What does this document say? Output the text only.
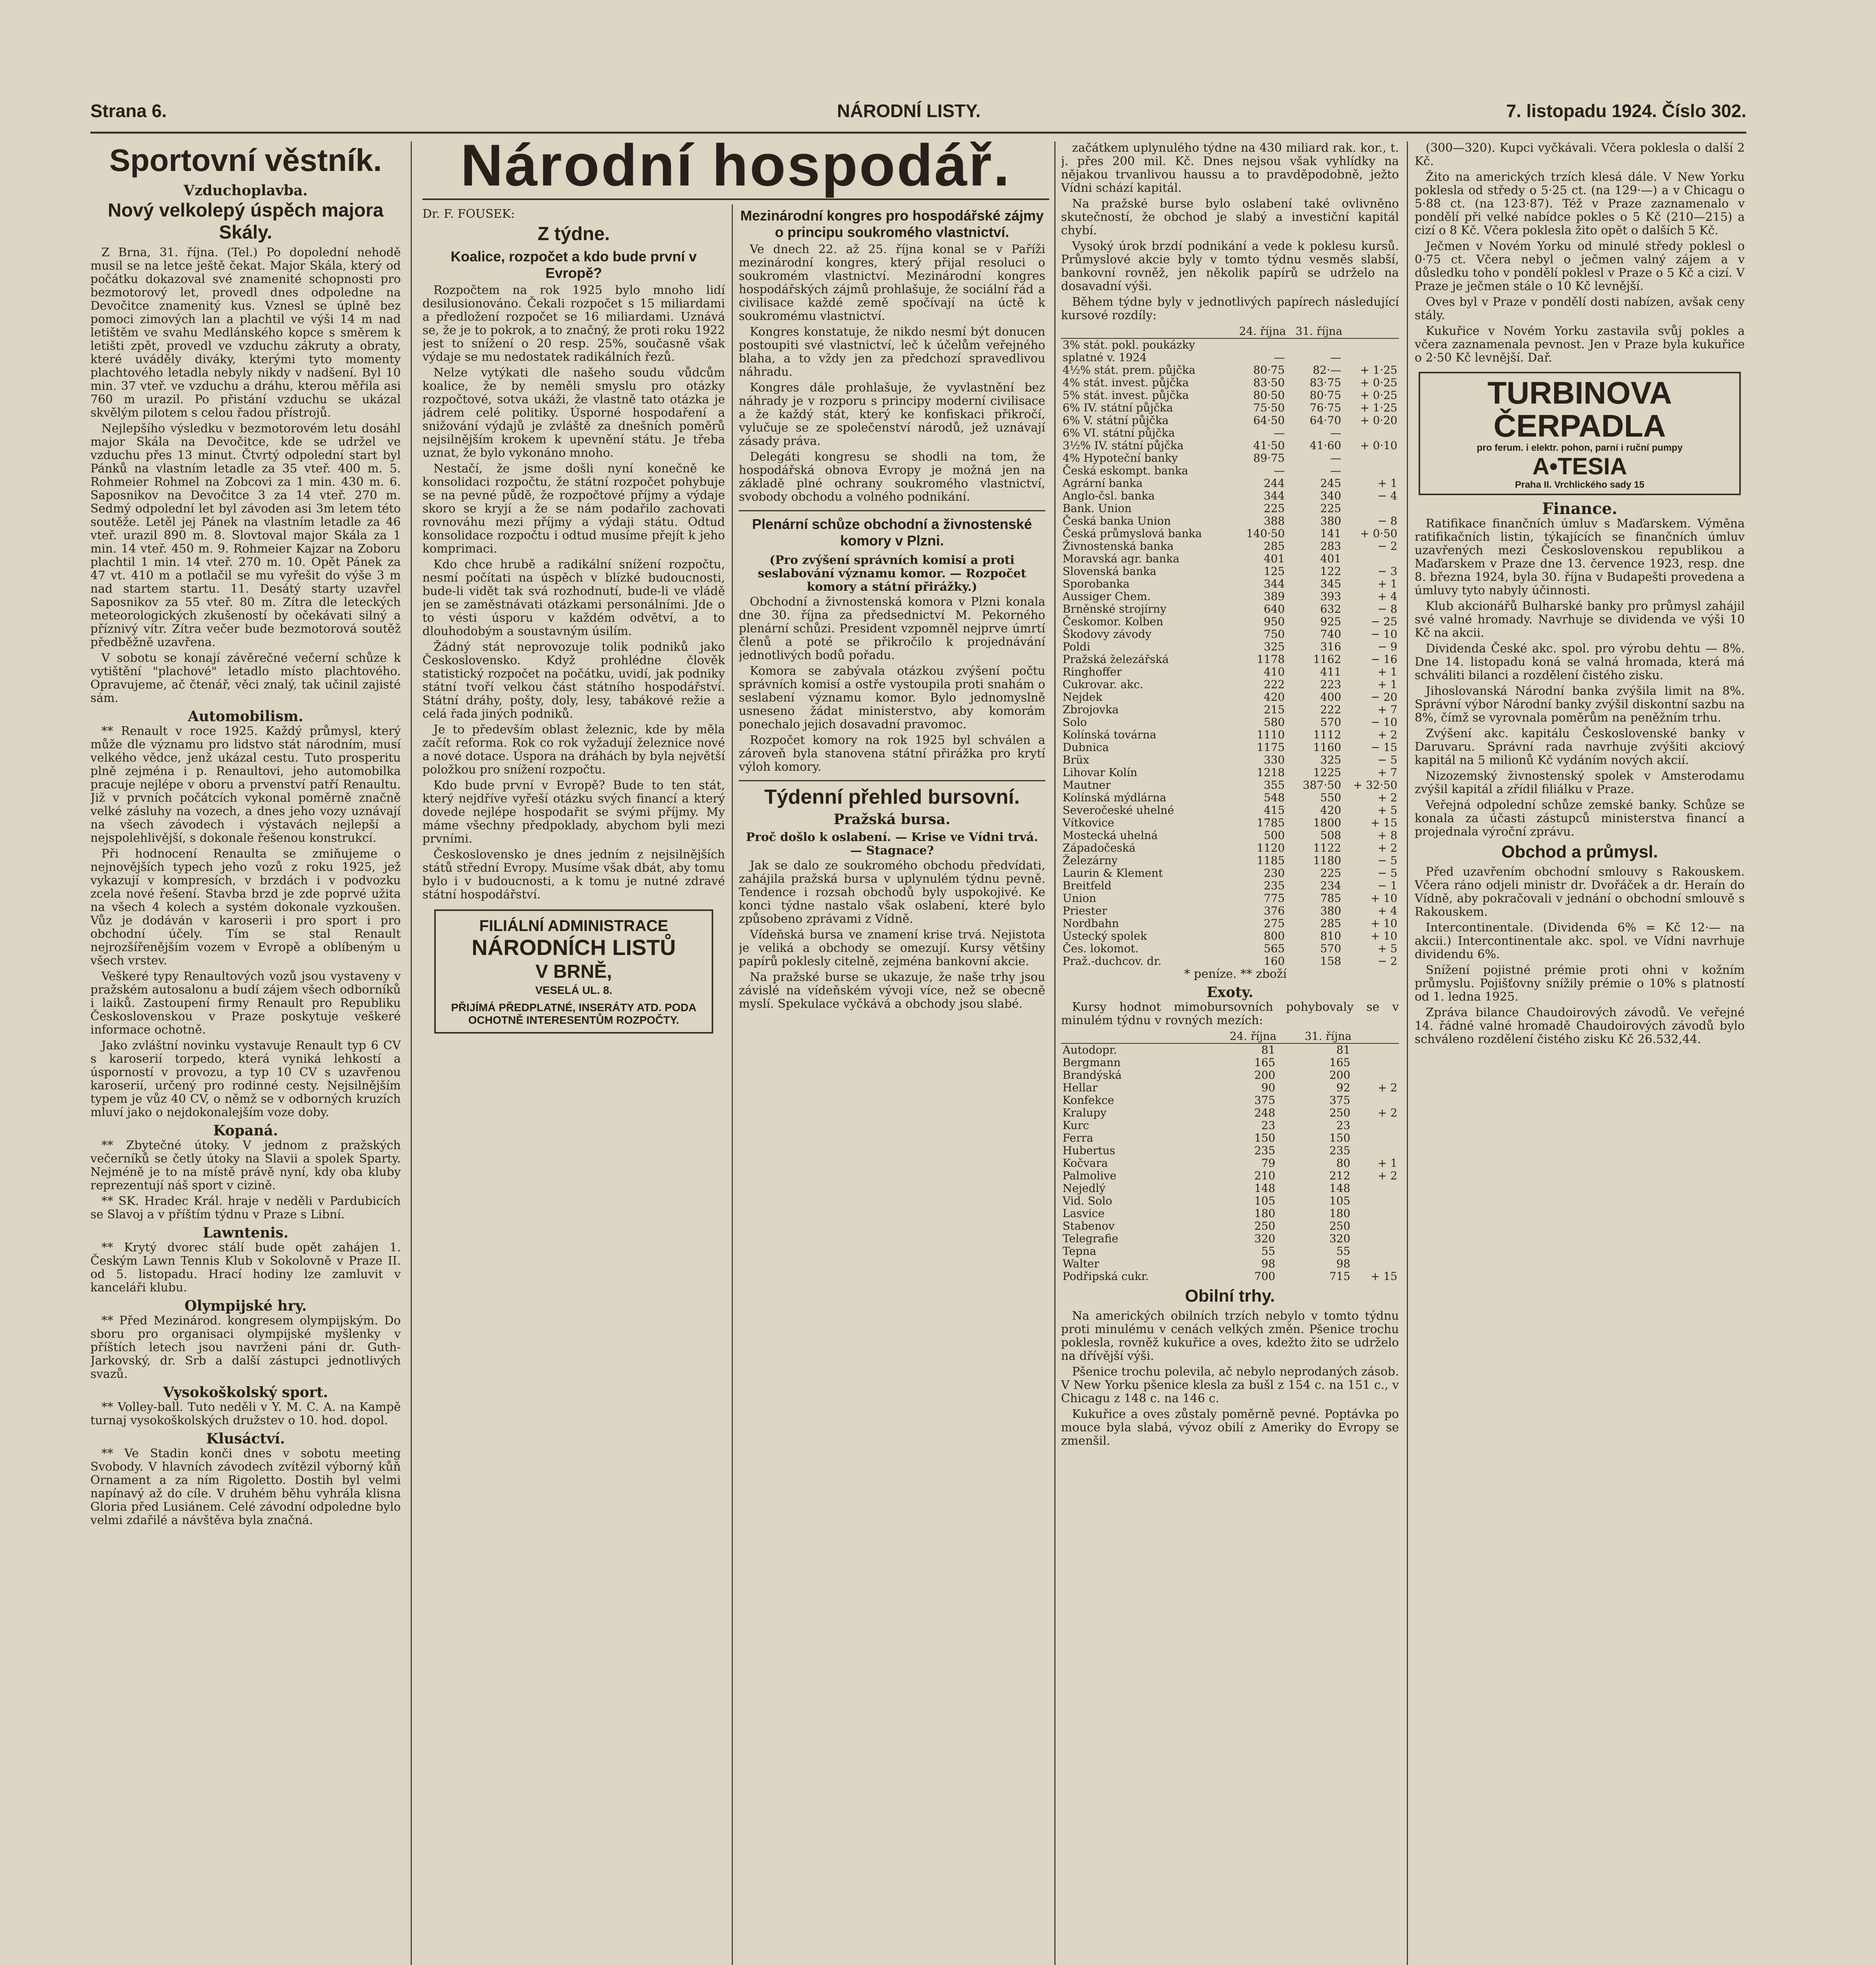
Strana 6.	NÁRODNÍ LISTY.	7. listopadu 1924. Číslo 302.
Sportovní věstník.
Vzduchoplavba.
Nový velkolepý úspěch majora Skály.

Z Brna, 31. října. (Tel.) Po dopolední nehodě musil se na letce ještě čekat. Major Skála, který od počátku dokazoval své znamenité schopnosti pro bezmotorový let, provedl dnes odpoledne na Devočitce znamenitý kus. Vznesl se úplně bez pomoci zimových lan a plachtil ve výši 14 m nad letištěm ve svahu Medlánského kopce s směrem k letišti zpět, provedl ve vzduchu zákruty a obraty, které uváděly diváky, kterými tyto momenty plachtového letadla nebyly nikdy v nadšení. Byl 10 min. 37 vteř. ve vzduchu a dráhu, kterou měřila asi 760 m urazil. Po přistání vzduchu se ukázal skvělým pilotem s celou řadou přístrojů.

Nejlepšího výsledku v bezmotorovém letu dosáhl major Skála na Devočitce, kde se udržel ve vzduchu přes 13 minut. Čtvrtý odpolední start byl Pánků na vlastním letadle za 35 vteř. 400 m. 5. Rohmeier Rohmel na Zobcovi za 1 min. 430 m. 6. Saposnikov na Devočitce 3 za 14 vteř. 270 m. Sedmý odpolední let byl závoden asi 3m letem této soutěže. Letěl jej Pánek na vlastním letadle za 46 vteř. urazil 890 m. 8. Slovtoval major Skála za 1 min. 14 vteř. 450 m. 9. Rohmeier Kajzar na Zoboru plachtil 1 min. 14 vteř. 270 m. 10. Opět Pánek za 47 vt. 410 m a potlačil se mu vyřešit do výše 3 m nad startem startu. 11. Desátý starty uzavřel Saposnikov za 55 vteř. 80 m. Zítra dle leteckých meteorologických zkušeností by očekávati silný a příznivý vítr. Zítra večer bude bezmotorová soutěž předběžně uzavřena.

V sobotu se konají závěrečné večerní schůze k vytištění "plachové" letadlo místo plachtového. Opravujeme, ač čtenář, věci znalý, tak učinil zajisté sám.

Automobilism.

** Renault v roce 1925. Každý průmysl, který může dle významu pro lidstvo stát národním, musí velkého vědce, jenž ukázal cestu. Tuto prosperitu plně zejména i p. Renaultovi, jeho automobilka pracuje nejlépe v oboru a prvenství patří Renaultu. Již v prvních počátcích vykonal poměrně značně velké zásluhy na vozech, a dnes jeho vozy uznávají na všech závodech i výstavách nejlepší a nejspolehlivější, s dokonale řešenou konstrukcí.

Při hodnocení Renaulta se zmiňujeme o nejnovějších typech jeho vozů z roku 1925, jež vykazují v kompresích, v brzdách i v podvozku zcela nové řešení. Stavba brzd je zde poprvé užita na všech 4 kolech a systém dokonale vyzkoušen. Vůz je dodáván v karoserii i pro sport i pro obchodní účely. Tím se stal Renault nejrozšířenějším vozem v Evropě a oblíbeným u všech vrstev.

Veškeré typy Renaultových vozů jsou vystaveny v pražském autosalonu a budí zájem všech odborníků i laiků. Zastoupení firmy Renault pro Republiku Československou v Praze poskytuje veškeré informace ochotně.

Jako zvláštní novinku vystavuje Renault typ 6 CV s karoserií torpedo, která vyniká lehkostí a úsporností v provozu, a typ 10 CV s uzavřenou karoserií, určený pro rodinné cesty. Nejsilnějším typem je vůz 40 CV, o němž se v odborných kruzích mluví jako o nejdokonalejším voze doby.

Kopaná.

** Zbytečné útoky. V jednom z pražských večerníků se četly útoky na Slavii a spolek Sparty. Nejméně je to na místě právě nyní, kdy oba kluby reprezentují náš sport v cizině.

** SK. Hradec Král. hraje v neděli v Pardubicích se Slavoj a v příštím týdnu v Praze s Libní.

Lawntenis.

** Krytý dvorec stálí bude opět zahájen 1. Českým Lawn Tennis Klub v Sokolovně v Praze II. od 5. listopadu. Hrací hodiny lze zamluvit v kanceláři klubu.

Olympijské hry.

** Před Mezinárod. kongresem olympijským. Do sboru pro organisaci olympijské myšlenky v příštích letech jsou navrženi páni dr. Guth-Jarkovský, dr. Srb a další zástupci jednotlivých svazů.

Vysokoškolský sport.

** Volley-ball. Tuto neděli v Y. M. C. A. na Kampě turnaj vysokoškolských družstev o 10. hod. dopol.

Klusáctví.

** Ve Stadin konči dnes v sobotu meeting Svobody. V hlavních závodech zvítězil výborný kůň Ornament a za ním Rigoletto. Dostih byl velmi napínavý až do cíle. V druhém běhu vyhrála klisna Gloria před Lusiánem. Celé závodní odpoledne bylo velmi zdařilé a návštěva byla značná.

Národní hospodář.
Dr. F. FOUSEK:
Z týdne.
Koalice, rozpočet a kdo bude první v Evropě?

Rozpočtem na rok 1925 bylo mnoho lidí desilusionováno. Čekali rozpočet s 15 miliardami a předložení rozpočet se 16 miliardami. Uznává se, že je to pokrok, a to značný, že proti roku 1922 jest to snížení o 20 resp. 25%, současně však výdaje se mu nedostatek radikálních řezů.

Nelze vytýkati dle našeho soudu vůdcům koalice, že by neměli smyslu pro otázky rozpočtové, sotva ukáži, že vlastně tato otázka je jádrem celé politiky. Úsporné hospodaření a snižování výdajů je zvláště za dnešních poměrů nejsilnějším krokem k upevnění státu. Je třeba uznat, že bylo vykonáno mnoho.

Nestačí, že jsme došli nyní konečně ke konsolidaci rozpočtu, že státní rozpočet pohybuje se na pevné půdě, že rozpočtové příjmy a výdaje skoro se kryjí a že se nám podařilo zachovati rovnováhu mezi příjmy a výdaji státu. Odtud konsolidace rozpočtu i odtud musíme přejít k jeho komprimaci.

Kdo chce hrubě a radikální snížení rozpočtu, nesmí počítati na úspěch v blízké budoucnosti, bude-li vidět tak svá rozhodnutí, bude-li ve vládě jen se zaměstnávati otázkami personálními. Jde o to vésti úsporu v každém odvětví, a to dlouhodobým a soustavným úsilím.

Žádný stát neprovozuje tolik podniků jako Československo. Když prohlédne člověk statistický rozpočet na počátku, uvidí, jak podniky státní tvoří velkou část státního hospodářství. Státní dráhy, pošty, doly, lesy, tabákové režie a celá řada jiných podniků.

Je to především oblast železnic, kde by měla začít reforma. Rok co rok vyžadují železnice nové a nové dotace. Úspora na dráhách by byla největší položkou pro snížení rozpočtu.

Kdo bude první v Evropě? Bude to ten stát, který nejdříve vyřeší otázku svých financí a který dovede nejlépe hospodařit se svými příjmy. My máme všechny předpoklady, abychom byli mezi prvními.

Československo je dnes jedním z nejsilnějších států střední Evropy. Musíme však dbát, aby tomu bylo i v budoucnosti, a k tomu je nutné zdravé státní hospodářství.

FILIÁLNÍ ADMINISTRACE
NÁRODNÍCH LISTŮ
V BRNĚ,
VESELÁ UL. 8.
PŘIJÍMÁ PŘEDPLATNÉ, INSERÁTY ATD. PODA OCHOTNĚ INTERESENTŮM ROZPOČTY.
Mezinárodní kongres pro hospodářské zájmy o principu soukromého vlastnictví.

Ve dnech 22. až 25. října konal se v Paříži mezinárodní kongres, který přijal resoluci o soukromém vlastnictví. Mezinárodní kongres hospodářských zájmů prohlašuje, že sociální řád a civilisace každé země spočívají na úctě k soukromému vlastnictví.

Kongres konstatuje, že nikdo nesmí být donucen postoupiti své vlastnictví, leč k účelům veřejného blaha, a to vždy jen za předchozí spravedlivou náhradu.

Kongres dále prohlašuje, že vyvlastnění bez náhrady je v rozporu s principy moderní civilisace a že každý stát, který ke konfiskaci přikročí, vylučuje se ze společenství národů, jež uznávají zásady práva.

Delegáti kongresu se shodli na tom, že hospodářská obnova Evropy je možná jen na základě plné ochrany soukromého vlastnictví, svobody obchodu a volného podnikání.

Plenární schůze obchodní a živnostenské komory v Plzni.
(Pro zvýšení správních komisí a proti seslabování významu komor. — Rozpočet komory a státní přirážky.)

Obchodní a živnostenská komora v Plzni konala dne 30. října za předsednictví M. Pekorného plenární schůzi. President vzpomněl nejprve úmrtí členů a poté se přikročilo k projednávání jednotlivých bodů pořadu.

Komora se zabývala otázkou zvýšení počtu správních komisí a ostře vystoupila proti snahám o seslabení významu komor. Bylo jednomyslně usneseno žádat ministerstvo, aby komorám ponechalo jejich dosavadní pravomoc.

Rozpočet komory na rok 1925 byl schválen a zároveň byla stanovena státní přirážka pro krytí výloh komory.

Týdenní přehled bursovní.
Pražská bursa.
Proč došlo k oslabení. — Krise ve Vídni trvá. — Stagnace?

Jak se dalo ze soukromého obchodu předvídati, zahájila pražská bursa v uplynulém týdnu pevně. Tendence i rozsah obchodů byly uspokojivé. Ke konci týdne nastalo však oslabení, které bylo způsobeno zprávami z Vídně.

Vídeňská bursa ve znamení krise trvá. Nejistota je veliká a obchody se omezují. Kursy většiny papírů poklesly citelně, zejména bankovní akcie.

Na pražské burse se ukazuje, že naše trhy jsou závislé na vídeňském vývoji více, než se obecně myslí. Spekulace vyčkává a obchody jsou slabé.

začátkem uplynulého týdne na 430 miliard rak. kor., t. j. přes 200 mil. Kč. Dnes nejsou však vyhlídky na nějakou trvanlivou haussu a to pravděpodobně, ježto Vídni schází kapitál.

Na pražské burse bylo oslabení také ovlivněno skutečností, že obchod je slabý a investiční kapitál chybí.

Vysoký úrok brzdí podnikání a vede k poklesu kursů. Průmyslové akcie byly v tomto týdnu vesměs slabší, bankovní rovněž, jen několik papírů se udrželo na dosavadní výši.

Během týdne byly v jednotlivých papírech následující kursové rozdíly:

	24. října	31. října	
3% stát. pokl. poukázky			
splatné v. 1924	—	—	
4½% stát. prem. půjčka	80·75	82·—	+ 1·25
4% stát. invest. půjčka	83·50	83·75	+ 0·25
5% stát. invest. půjčka	80·50	80·75	+ 0·25
6% IV. státní půjčka	75·50	76·75	+ 1·25
6% V. státní půjčka	64·50	64·70	+ 0·20
6% VI. státní půjčka	—	—	
3½% IV. státní půjčka	41·50	41·60	+ 0·10
4% Hypoteční banky	89·75	—	
Česká eskompt. banka	—	—	
Agrární banka	244	245	+ 1
Anglo-čsl. banka	344	340	− 4
Bank. Union	225	225	
Česká banka Union	388	380	− 8
Česká průmyslová banka	140·50	141	+ 0·50
Živnostenská banka	285	283	− 2
Moravská agr. banka	401	401	
Slovenská banka	125	122	− 3
Sporobanka	344	345	+ 1
Aussiger Chem.	389	393	+ 4
Brněnské strojírny	640	632	− 8
Českomor. Kolben	950	925	− 25
Škodovy závody	750	740	− 10
Poldi	325	316	− 9
Pražská železářská	1178	1162	− 16
Ringhoffer	410	411	+ 1
Cukrovar. akc.	222	223	+ 1
Nejdek	420	400	− 20
Zbrojovka	215	222	+ 7
Solo	580	570	− 10
Kolínská továrna	1110	1112	+ 2
Dubnica	1175	1160	− 15
Brüx	330	325	− 5
Lihovar Kolín	1218	1225	+ 7
Mautner	355	387·50	+ 32·50
Kolínská mýdlárna	548	550	+ 2
Severočeské uhelné	415	420	+ 5
Vítkovice	1785	1800	+ 15
Mostecká uhelná	500	508	+ 8
Západočeská	1120	1122	+ 2
Železárny	1185	1180	− 5
Laurin & Klement	230	225	− 5
Breitfeld	235	234	− 1
Union	775	785	+ 10
Priester	376	380	+ 4
Nordbahn	275	285	+ 10
Ústecký spolek	800	810	+ 10
Čes. lokomot.	565	570	+ 5
Praž.-duchcov. dr.	160	158	− 2

* peníze. ** zboží

Exoty.

Kursy hodnot mimobursovních pohybovaly se v minulém týdnu v rovných mezích:

	24. října	31. října	
Autodopr.	81	81	
Bergmann	165	165	
Brandýská	200	200	
Hellar	90	92	+ 2
Konfekce	375	375	
Kralupy	248	250	+ 2
Kurc	23	23	
Ferra	150	150	
Hubertus	235	235	
Kočvara	79	80	+ 1
Palmolive	210	212	+ 2
Nejedlý	148	148	
Vid. Solo	105	105	
Lasvice	180	180	
Stabenov	250	250	
Telegrafie	320	320	
Tepna	55	55	
Walter	98	98	
Podřipská cukr.	700	715	+ 15
Obilní trhy.

Na amerických obilních trzích nebylo v tomto týdnu proti minulému v cenách velkých změn. Pšenice trochu poklesla, rovněž kukuřice a oves, kdežto žito se udrželo na dřívější výši.

Pšenice trochu polevila, ač nebylo neprodaných zásob. V New Yorku pšenice klesla za bušl z 154 c. na 151 c., v Chicagu z 148 c. na 146 c.

Kukuřice a oves zůstaly poměrně pevné. Poptávka po mouce byla slabá, vývoz obilí z Ameriky do Evropy se zmenšil.

(300—320). Kupci vyčkávali. Včera poklesla o další 2 Kč.

Žito na amerických trzích klesá dále. V New Yorku poklesla od středy o 5·25 ct. (na 129·—) a v Chicagu o 5·88 ct. (na 123·87). Též v Praze zaznamenalo v pondělí při velké nabídce pokles o 5 Kč (210—215) a cizí o 8 Kč. Včera poklesla žito opět o dalších 5 Kč.

Ječmen v Novém Yorku od minulé středy poklesl o 0·75 ct. Včera nebyl o ječmen valný zájem a v důsledku toho v pondělí poklesl v Praze o 5 Kč a cizí. V Praze je ječmen stále o 10 Kč levnější.

Oves byl v Praze v pondělí dosti nabízen, avšak ceny stály.

Kukuřice v Novém Yorku zastavila svůj pokles a včera zaznamenala pevnost. Jen v Praze byla kukuřice o 2·50 Kč levnější. Dař.

TURBINOVA ČERPADLA
pro ferum. i elektr. pohon, parní i ruční pumpy
A•TESIA
Praha II. Vrchlického sady 15
Finance.

Ratifikace finančních úmluv s Maďarskem. Výměna ratifikačních listin, týkajících se finančních úmluv uzavřených mezi Československou republikou a Maďarskem v Praze dne 13. července 1923, resp. dne 8. března 1924, byla 30. října v Budapešti provedena a úmluvy tyto nabyly účinnosti.

Klub akcionářů Bulharské banky pro průmysl zahájil své valné hromady. Navrhuje se dividenda ve výši 10 Kč na akcii.

Dividenda České akc. spol. pro výrobu dehtu — 8%. Dne 14. listopadu koná se valná hromada, která má schváliti bilanci a rozdělení čistého zisku.

Jihoslovanská Národní banka zvýšila limit na 8%. Správní výbor Národní banky zvýšil diskontní sazbu na 8%, čímž se vyrovnala poměrům na peněžním trhu.

Zvýšení akc. kapitálu Československé banky v Daruvaru. Správní rada navrhuje zvýšiti akciový kapitál na 5 milionů Kč vydáním nových akcií.

Nizozemský živnostenský spolek v Amsterodamu zvýšil kapitál a zřídil filiálku v Praze.

Veřejná odpolední schůze zemské banky. Schůze se konala za účasti zástupců ministerstva financí a projednala výroční zprávu.

Obchod a průmysl.

Před uzavřením obchodní smlouvy s Rakouskem. Včera ráno odjeli ministr dr. Dvořáček a dr. Heraín do Vídně, aby pokračovali v jednání o obchodní smlouvě s Rakouskem.

Intercontinentale. (Dividenda 6% = Kč 12·— na akcii.) Intercontinentale akc. spol. ve Vídni navrhuje dividendu 6%.

Snížení pojistné prémie proti ohni v kožním průmyslu. Pojišťovny snížily prémie o 10% s platností od 1. ledna 1925.

Zpráva bilance Chaudoirových závodů. Ve veřejné 14. řádné valné hromadě Chaudoirových závodů bylo schváleno rozdělení čistého zisku Kč 26.532,44.
